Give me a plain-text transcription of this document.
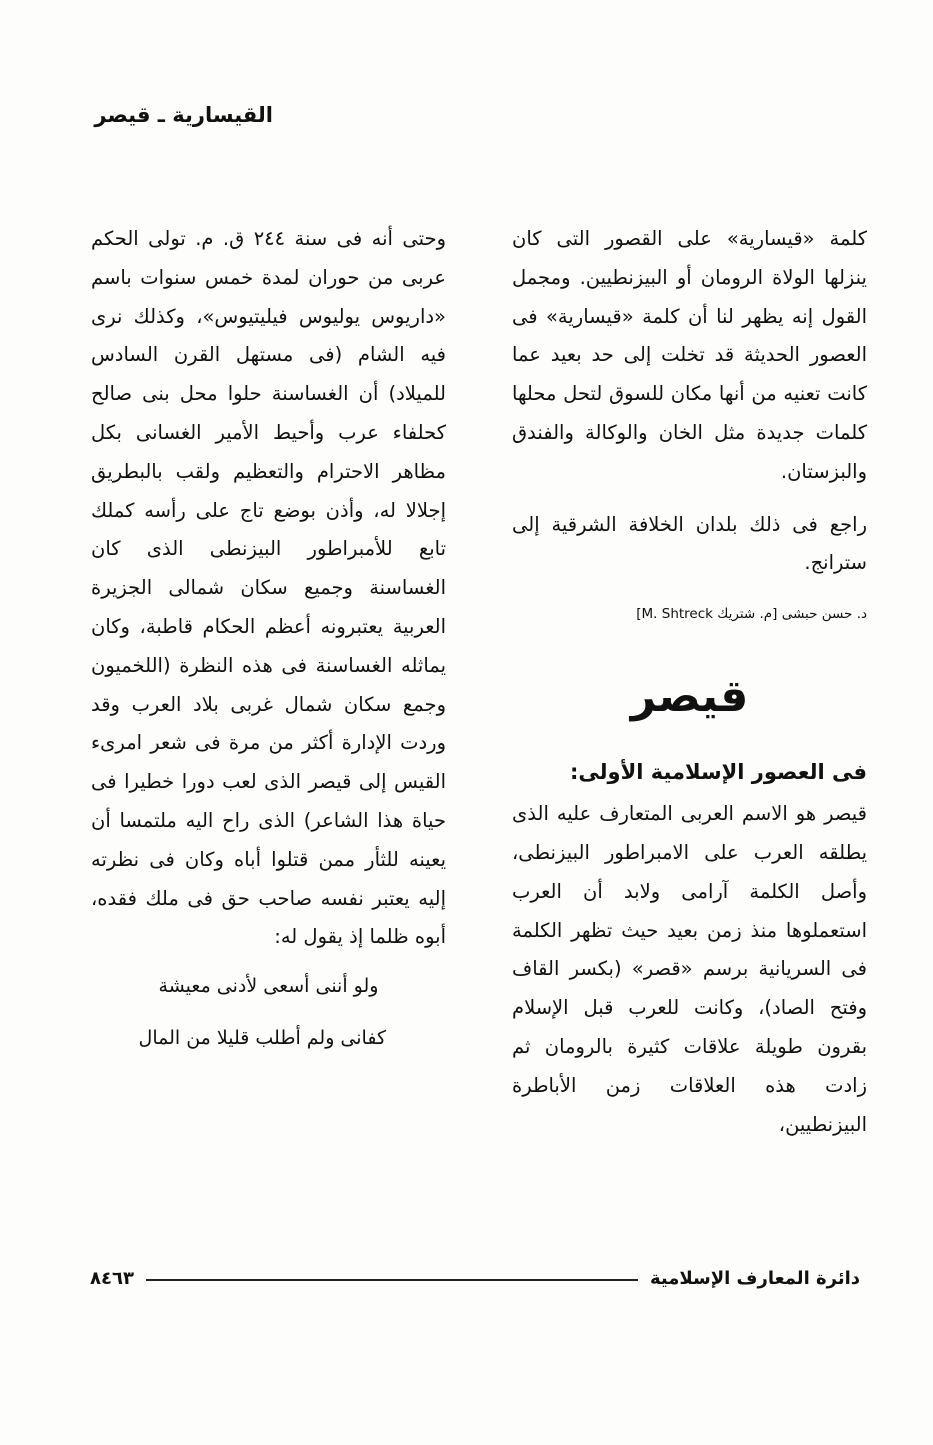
القيسارية ـ قيصر

كلمة «قيسارية» على القصور التى كان ينزلها الولاة الرومان أو البيزنطيين. ومجمل القول إنه يظهر لنا أن كلمة «قيسارية» فى العصور الحديثة قد تخلت إلى حد بعيد عما كانت تعنيه من أنها مكان للسوق لتحل محلها كلمات جديدة مثل الخان والوكالة والفندق والبزستان.

راجع فى ذلك بلدان الخلافة الشرقية إلى سترانج.

د. حسن حبشى [م. شتريك M. Shtreck]
قيصر
فى العصور الإسلامية الأولى:

قيصر هو الاسم العربى المتعارف عليه الذى يطلقه العرب على الامبراطور البيزنطى، وأصل الكلمة آرامى ولابد أن العرب استعملوها منذ زمن بعيد حيث تظهر الكلمة فى السريانية برسم «قصر» (بكسر القاف وفتح الصاد)، وكانت للعرب قبل الإسلام بقرون طويلة علاقات كثيرة بالرومان ثم زادت هذه العلاقات زمن الأباطرة البيزنطيين،

وحتى أنه فى سنة ٢٤٤ ق. م. تولى الحكم عربى من حوران لمدة خمس سنوات باسم «داريوس يوليوس فيليتيوس»، وكذلك نرى فيه الشام (فى مستهل القرن السادس للميلاد) أن الغساسنة حلوا محل بنى صالح كحلفاء عرب وأحيط الأمير الغسانى بكل مظاهر الاحترام والتعظيم ولقب بالبطريق إجلالا له، وأذن بوضع تاج على رأسه كملك تابع للأمبراطور البيزنطى الذى كان الغساسنة وجميع سكان شمالى الجزيرة العربية يعتبرونه أعظم الحكام قاطبة، وكان يماثله الغساسنة فى هذه النظرة (اللخميون وجمع سكان شمال غربى بلاد العرب وقد وردت الإدارة أكثر من مرة فى شعر امرىء القيس إلى قيصر الذى لعب دورا خطيرا فى حياة هذا الشاعر) الذى راح اليه ملتمسا أن يعينه للثأر ممن قتلوا أباه وكان فى نظرته إليه يعتبر نفسه صاحب حق فى ملك فقده، أبوه ظلما إذ يقول له:

ولو أننى أسعى لأدنى معيشة
كفانى ولم أطلب قليلا من المال
دائرة المعارف الإسلامية
٨٤٦٣
